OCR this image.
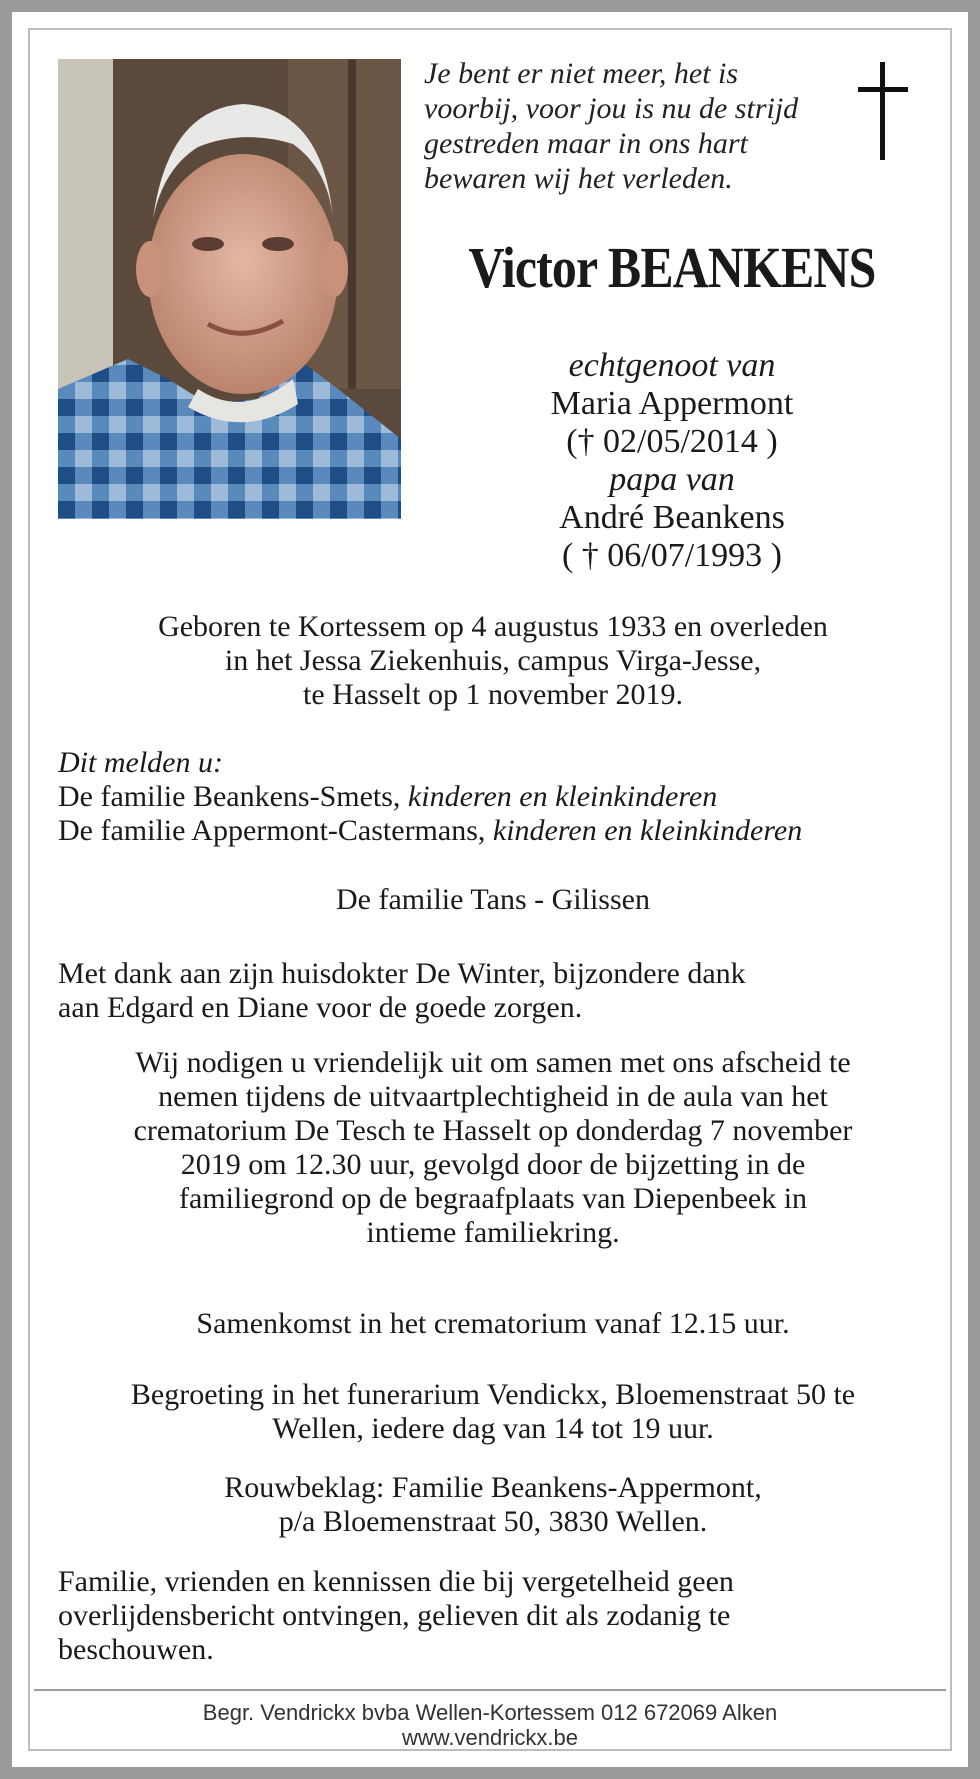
Je bent er niet meer, het is
voorbij, voor jou is nu de strijd
gestreden maar in ons hart
bewaren wij het verleden.
Victor BEANKENS
echtgenoot van
Maria Appermont
(† 02/05/2014 )
papa van
André Beankens
( † 06/07/1993 )
Geboren te Kortessem op 4 augustus 1933 en overleden
in het Jessa Ziekenhuis, campus Virga-Jesse,
te Hasselt op 1 november 2019.
Dit melden u:
De familie Beankens-Smets, kinderen en kleinkinderen
De familie Appermont-Castermans, kinderen en kleinkinderen
De familie Tans - Gilissen
Met dank aan zijn huisdokter De Winter, bijzondere dank
aan Edgard en Diane voor de goede zorgen.
Wij nodigen u vriendelijk uit om samen met ons afscheid te
nemen tijdens de uitvaartplechtigheid in de aula van het
crematorium De Tesch te Hasselt op donderdag 7 november
2019 om 12.30 uur, gevolgd door de bijzetting in de
familiegrond op de begraafplaats van Diepenbeek in
intieme familiekring.
Samenkomst in het crematorium vanaf 12.15 uur.
Begroeting in het funerarium Vendickx, Bloemenstraat 50 te
Wellen, iedere dag van 14 tot 19 uur.
Rouwbeklag: Familie Beankens-Appermont,
p/a Bloemenstraat 50, 3830 Wellen.
Familie, vrienden en kennissen die bij vergetelheid geen
overlijdensbericht ontvingen, gelieven dit als zodanig te
beschouwen.
Begr. Vendrickx bvba Wellen-Kortessem 012 672069 Alken
www.vendrickx.be
